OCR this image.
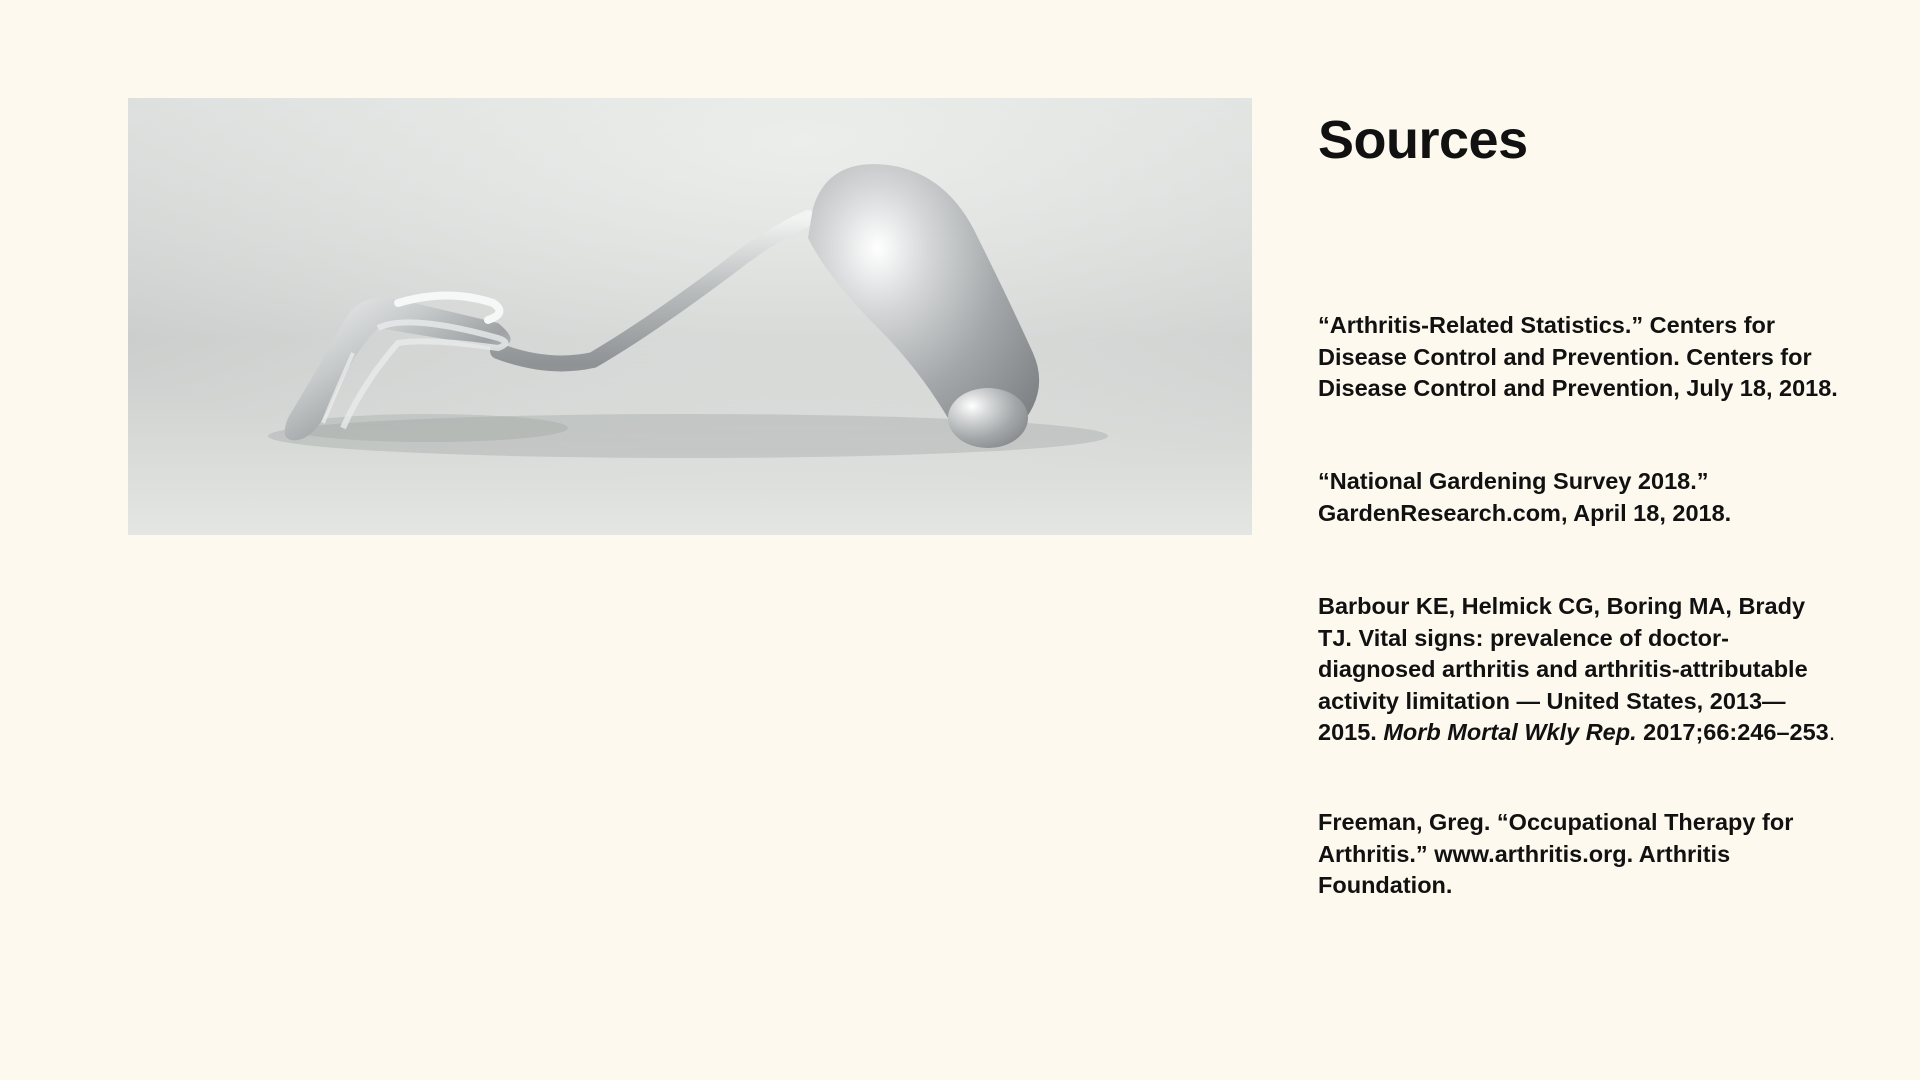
Sources
“Arthritis-Related Statistics.” Centers for Disease Control and Prevention. Centers for Disease Control and Prevention, July 18, 2018.
“National Gardening Survey 2018.”
GardenResearch.com, April 18, 2018.
Barbour KE, Helmick CG, Boring MA, Brady TJ. Vital signs: prevalence of doctor-diagnosed arthritis and arthritis-attributable activity limitation — United States, 2013—2015. Morb Mortal Wkly Rep. 2017;66:246–253.
Freeman, Greg. “Occupational Therapy for Arthritis.” www.arthritis.org. Arthritis Foundation.
